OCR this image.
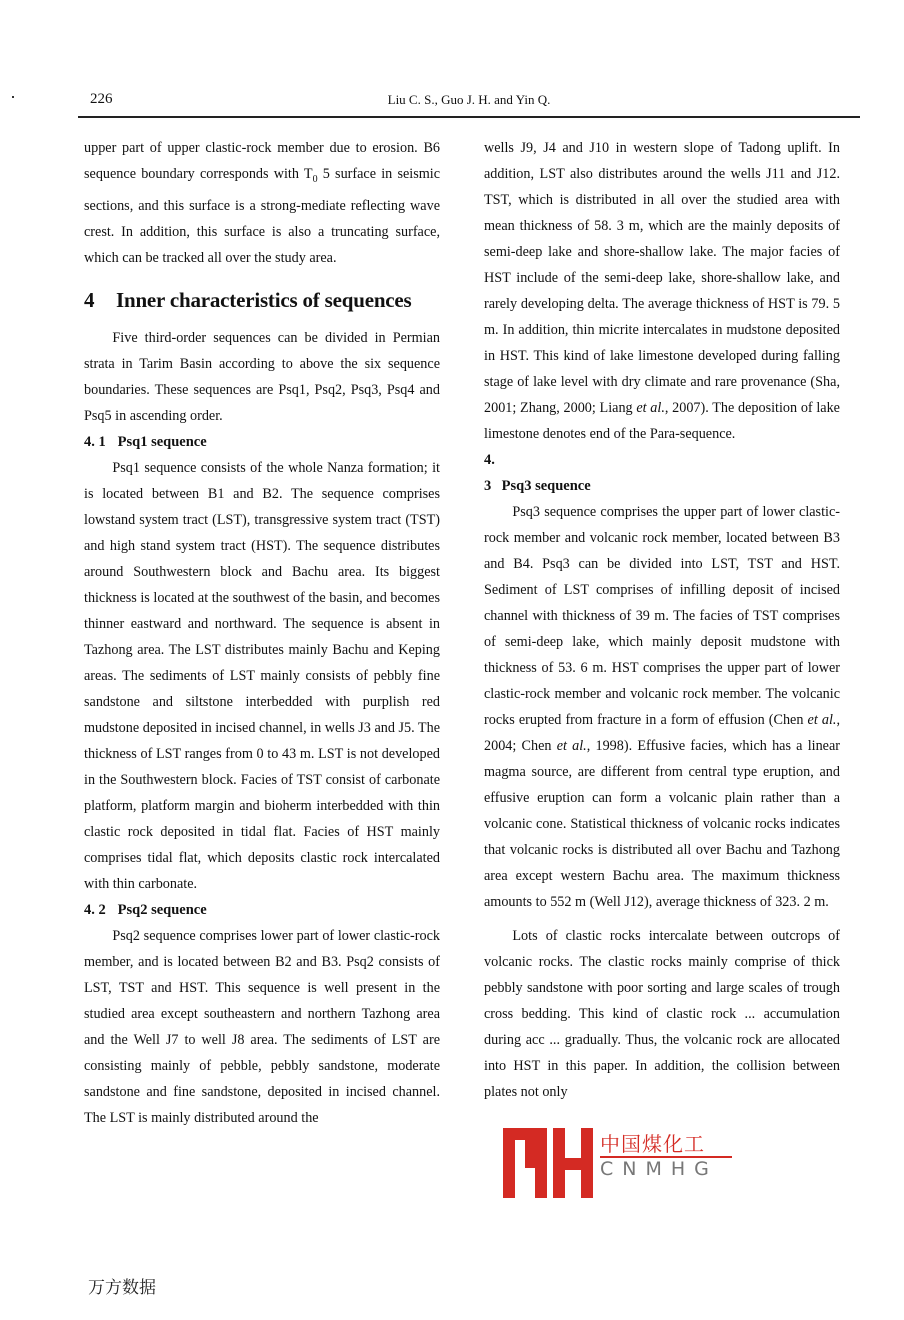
226	Liu C. S., Guo J. H. and Yin Q.

upper part of upper clastic-rock member due to erosion. B6 sequence boundary corresponds with $T_0$ 5 surface in seismic sections, and this surface is a strong-mediate reflecting wave crest. In addition, this surface is also a truncating surface, which can be tracked all over the study area.

4 Inner characteristics of sequences

Five third-order sequences can be divided in Permian strata in Tarim Basin according to above the six sequence boundaries. These sequences are Psq1, Psq2, Psq3, Psq4 and Psq5 in ascending order.

4. 1 Psq1 sequence

Psq1 sequence consists of the whole Nanza formation; it is located between B1 and B2. The sequence comprises lowstand system tract (LST), transgressive system tract (TST) and high stand system tract (HST). The sequence distributes around Southwestern block and Bachu area. Its biggest thickness is located at the southwest of the basin, and becomes thinner eastward and northward. The sequence is absent in Tazhong area. The LST distributes mainly Bachu and Keping areas. The sediments of LST mainly consists of pebbly fine sandstone and siltstone interbedded with purplish red mudstone deposited in incised channel, in wells J3 and J5. The thickness of LST ranges from 0 to 43 m. LST is not developed in the Southwestern block. Facies of TST consist of carbonate platform, platform margin and bioherm interbedded with thin clastic rock deposited in tidal flat. Facies of HST mainly comprises tidal flat, which deposits clastic rock intercalated with thin carbonate.

4. 2 Psq2 sequence

Psq2 sequence comprises lower part of lower clastic-rock member, and is located between B2 and B3. Psq2 consists of LST, TST and HST. This sequence is well present in the studied area except southeastern and northern Tazhong area and the Well J7 to well J8 area. The sediments of LST are consisting mainly of pebble, pebbly sandstone, moderate sandstone and fine sandstone, deposited in incised channel. The LST is mainly distributed around the

wells J9, J4 and J10 in western slope of Tadong uplift. In addition, LST also distributes around the wells J11 and J12. TST, which is distributed in all over the studied area with mean thickness of 58. 3 m, which are the mainly deposits of semi-deep lake and shore-shallow lake. The major facies of HST include of the semi-deep lake, shore-shallow lake, and rarely developing delta. The average thickness of HST is 79. 5 m. In addition, thin micrite intercalates in mudstone deposited in HST. This kind of lake limestone developed during falling stage of lake level with dry climate and rare provenance (Sha, 2001; Zhang, 2000; Liang et al., 2007). The deposition of lake limestone denotes end of the Para-sequence.

4. 3 Psq3 sequence

Psq3 sequence comprises the upper part of lower clastic-rock member and volcanic rock member, located between B3 and B4. Psq3 can be divided into LST, TST and HST. Sediment of LST comprises of infilling deposit of incised channel with thickness of 39 m. The facies of TST comprises of semi-deep lake, which mainly deposit mudstone with thickness of 53. 6 m. HST comprises the upper part of lower clastic-rock member and volcanic rock member. The volcanic rocks erupted from fracture in a form of effusion (Chen et al., 2004; Chen et al., 1998). Effusive facies, which has a linear magma source, are different from central type eruption, and effusive eruption can form a volcanic plain rather than a volcanic cone. Statistical thickness of volcanic rocks indicates that volcanic rocks is distributed all over Bachu and Tazhong area except western Bachu area. The maximum thickness amounts to 552 m (Well J12), average thickness of 323. 2 m.

Lots of clastic rocks intercalate between outcrops of volcanic rocks. The clastic rocks mainly comprise of thick pebbly sandstone with poor sorting and large scales of trough cross bedding. This kind of clastic rock ... accumulation during acc ... gradually. Thus, the volcanic rock are allocated into HST in this paper. In addition, the collision between plates not only

中国煤化工
CNMHG
万方数据
